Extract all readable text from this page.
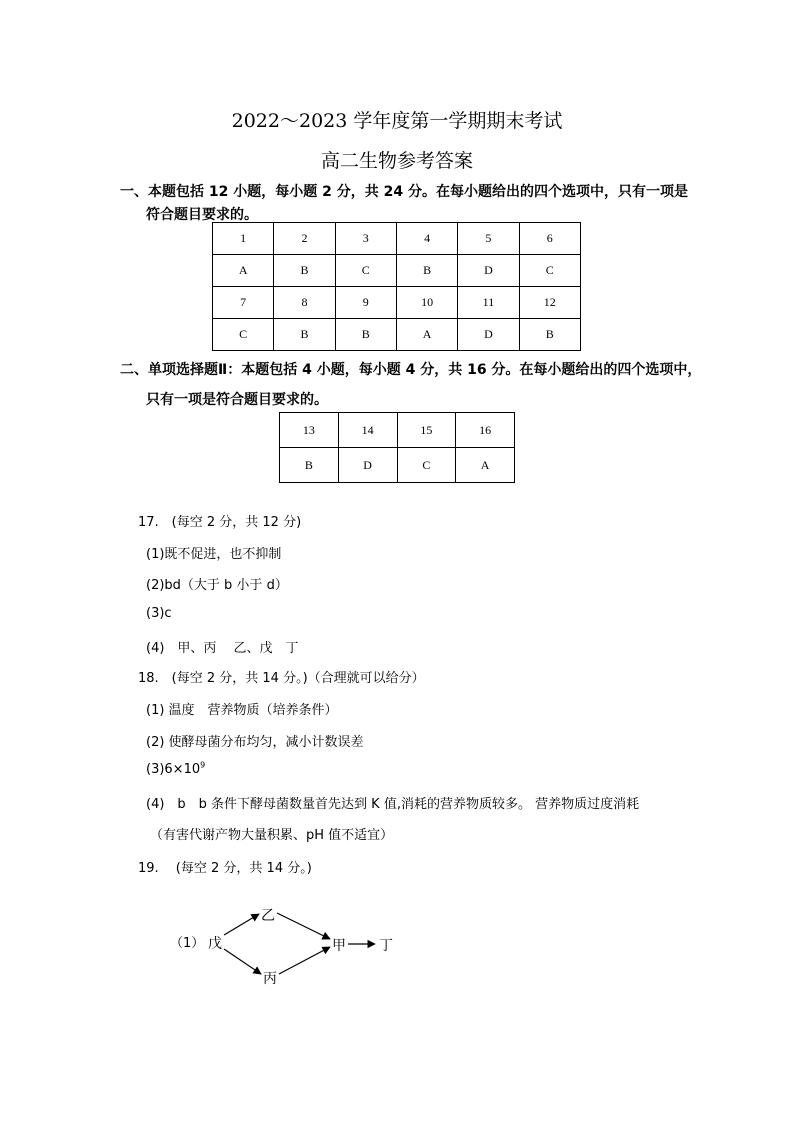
2022～2023 学年度第一学期期末考试
高二生物参考答案
一、本题包括 12 小题，每小题 2 分，共 24 分。在每小题给出的四个选项中，只有一项是
符合题目要求的。
1	2	3	4	5	6
A	B	C	B	D	C
7	8	9	10	11	12
C	B	B	A	D	B
二、单项选择题Ⅱ：本题包括 4 小题，每小题 4 分，共 16 分。在每小题给出的四个选项中，
只有一项是符合题目要求的。
13	14	15	16
B	D	C	A
17.　(每空 2 分，共 12 分)
(1)既不促进，也不抑制
(2)bd（大于 b 小于 d）
(3)c
(4)　甲、丙　 乙、戊　丁
18.　(每空 2 分，共 14 分。)（合理就可以给分）
(1) 温度　营养物质（培养条件）
(2) 使酵母菌分布均匀，减小计数误差
$(3)6\times 10^9$
(4)　b　b 条件下酵母菌数量首先达到 K 值,消耗的营养物质较多。 营养物质过度消耗
（有害代谢产物大量积累、pH 值不适宜）
19.　 (每空 2 分，共 14 分。)
（1） 戊
乙
丙
甲 丁
